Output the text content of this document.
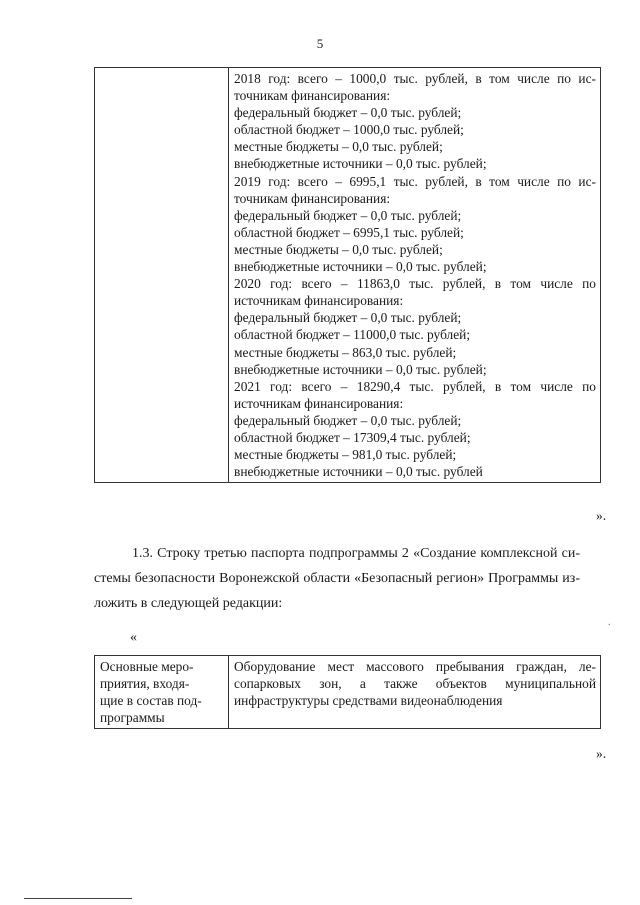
5

2018 год: всего – 1000,0 тыс. рублей, в том числе по ис-
точникам финансирования:
федеральный бюджет – 0,0 тыс. рублей;
областной бюджет – 1000,0 тыс. рублей;
местные бюджеты – 0,0 тыс. рублей;
внебюджетные источники – 0,0 тыс. рублей;
2019 год: всего – 6995,1 тыс. рублей, в том числе по ис-
точникам финансирования:
федеральный бюджет – 0,0 тыс. рублей;
областной бюджет – 6995,1 тыс. рублей;
местные бюджеты – 0,0 тыс. рублей;
внебюджетные источники – 0,0 тыс. рублей;
2020 год: всего – 11863,0 тыс. рублей, в том числе по
источникам финансирования:
федеральный бюджет – 0,0 тыс. рублей;
областной бюджет – 11000,0 тыс. рублей;
местные бюджеты – 863,0 тыс. рублей;
внебюджетные источники – 0,0 тыс. рублей;
2021 год: всего – 18290,4 тыс. рублей, в том числе по
источникам финансирования:
федеральный бюджет – 0,0 тыс. рублей;
областной бюджет – 17309,4 тыс. рублей;
местные бюджеты – 981,0 тыс. рублей;
внебюджетные источники – 0,0 тыс. рублей
».
1.3. Строку третью паспорта подпрограммы 2 «Создание комплексной си-
стемы безопасности Воронежской области «Безопасный регион» Программы из-
ложить в следующей редакции:
«
.
Основные меро-
приятия, входя-
щие в состав под-
программы

Оборудование мест массового пребывания граждан, ле-
сопарковых зон, а также объектов муниципальной
инфраструктуры средствами видеонаблюдения
».
